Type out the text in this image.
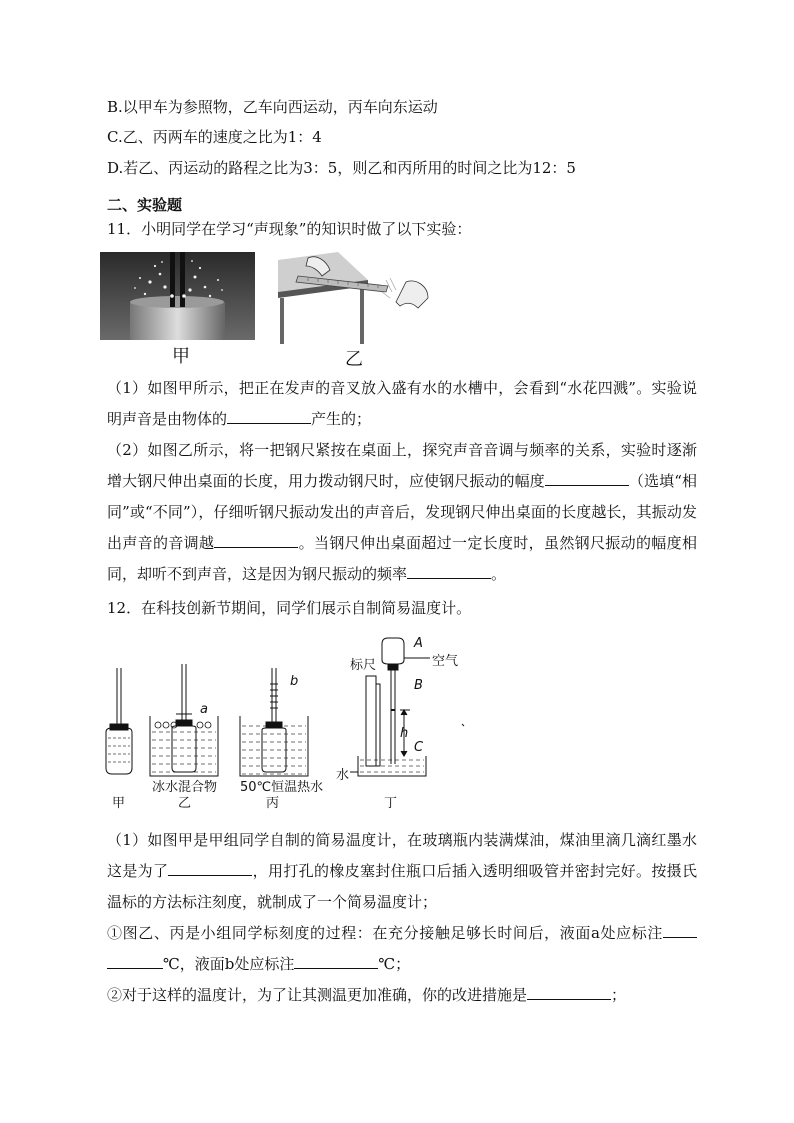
B.以甲车为参照物，乙车向西运动，丙车向东运动
C.乙、丙两车的速度之比为1：4
D.若乙、丙运动的路程之比为3：5，则乙和丙所用的时间之比为12：5
二、实验题
11．小明同学在学习“声现象”的知识时做了以下实验：
甲	乙
（1）如图甲所示，把正在发声的音叉放入盛有水的水槽中，会看到“水花四溅”。实验说明声音是由物体的	产生的；
（2）如图乙所示，将一把钢尺紧按在桌面上，探究声音音调与频率的关系，实验时逐渐增大钢尺伸出桌面的长度，用力拨动钢尺时，应使钢尺振动的幅度	（选填“相同”或“不同”），仔细听钢尺振动发出的声音后，发现钢尺伸出桌面的长度越长，其振动发出声音的音调越	。当钢尺伸出桌面超过一定长度时，虽然钢尺振动的幅度相同，却听不到声音，这是因为钢尺振动的频率	。
12．在科技创新节期间，同学们展示自制简易温度计。
a
b
A
B
C
h
标尺	空气
水
冰水混合物 50℃恒温热水
甲	乙	丙	丁
（1）如图甲是甲组同学自制的简易温度计，在玻璃瓶内装满煤油，煤油里滴几滴红墨水这是为了	，用打孔的橡皮塞封住瓶口后插入透明细吸管并密封完好。按摄氏温标的方法标注刻度，就制成了一个简易温度计；
①图乙、丙是小组同学标刻度的过程：在充分接触足够长时间后，液面a处应标注℃，液面b处应标注	℃；
②对于这样的温度计，为了让其测温更加准确，你的改进措施是	；
